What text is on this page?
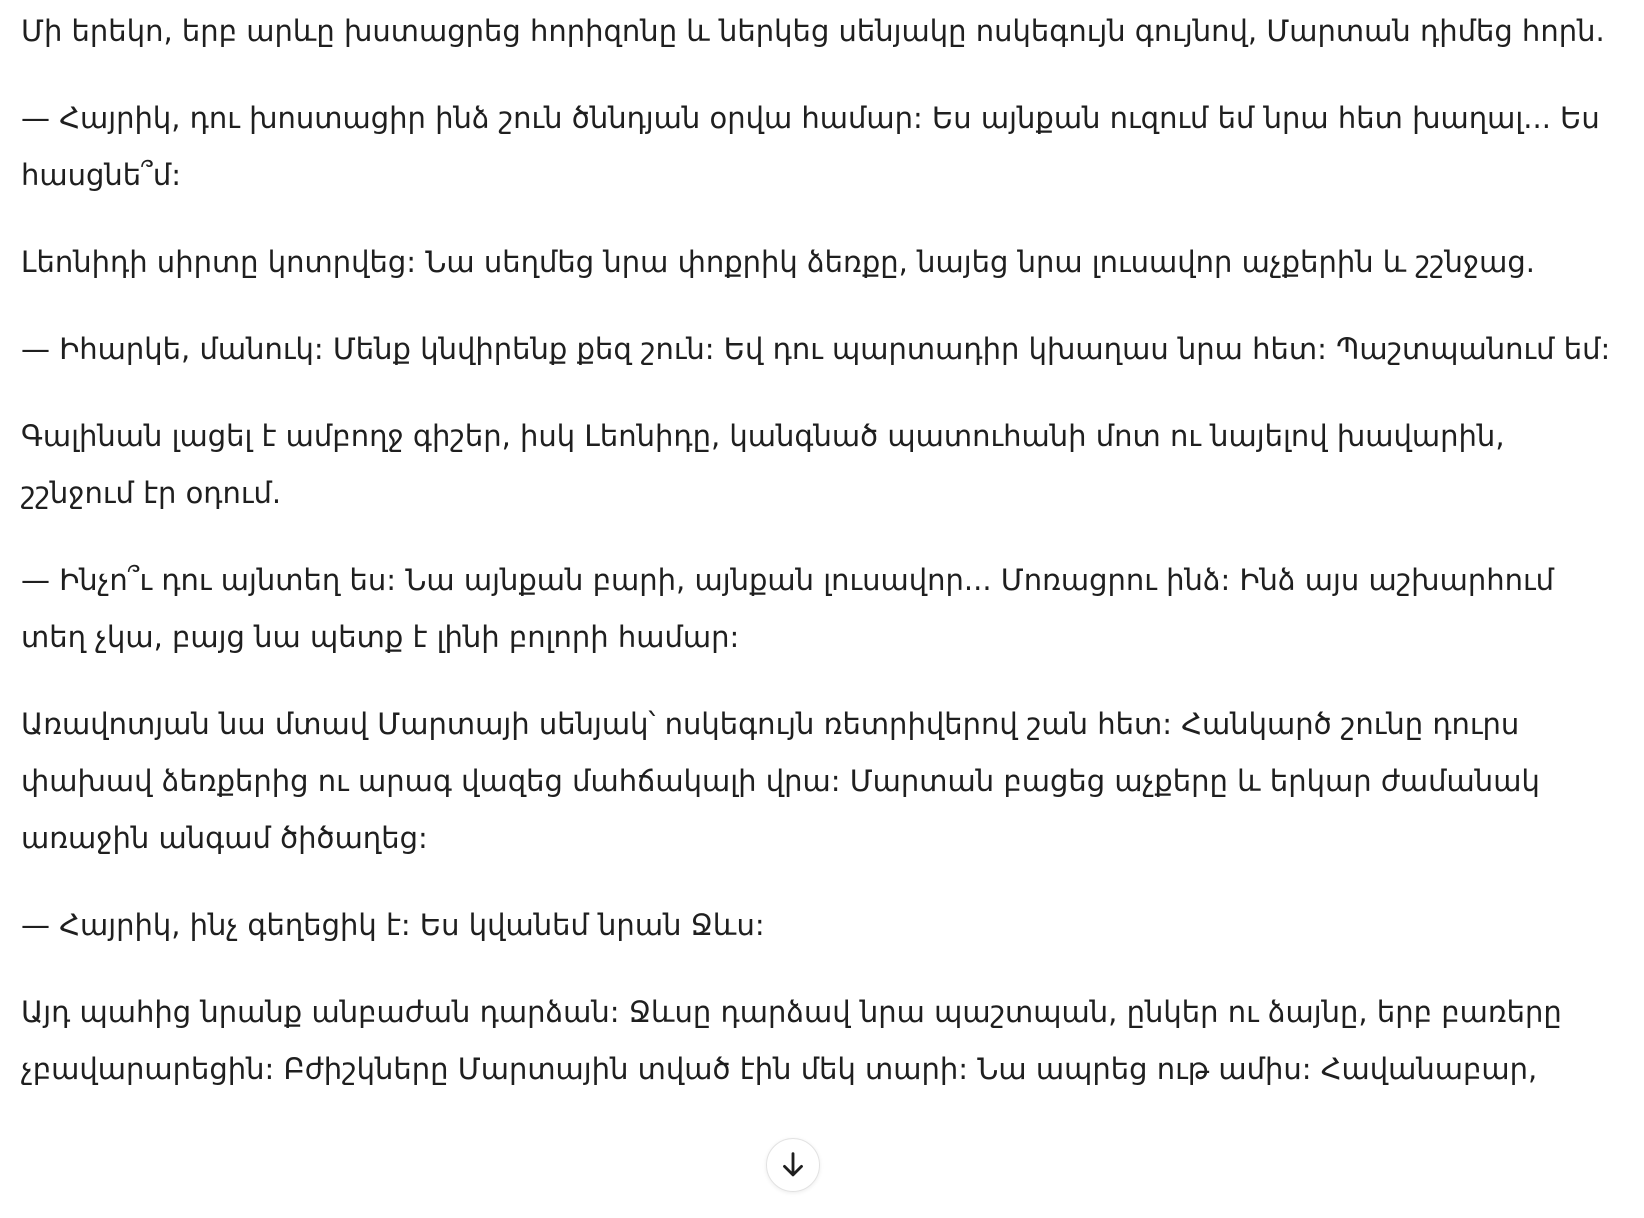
Մի երեկո, երբ արևը խստացրեց հորիզոնը և ներկեց սենյակը ոսկեգույն գույնով, Մարտան դիմեց հորն.

— Հայրիկ, դու խոստացիր ինձ շուն ծննդյան օրվա համար: Ես այնքան ուզում եմ նրա հետ խաղալ... Ես հասցնե՞մ:

Լեոնիդի սիրտը կոտրվեց: Նա սեղմեց նրա փոքրիկ ձեռքը, նայեց նրա լուսավոր աչքերին և շշնջաց.

— Իհարկե, մանուկ: Մենք կնվիրենք քեզ շուն: Եվ դու պարտադիր կխաղաս նրա հետ: Պաշտպանում եմ:

Գալինան լացել է ամբողջ գիշեր, իսկ Լեոնիդը, կանգնած պատուհանի մոտ ու նայելով խավարին, շշնջում էր օդում.

— Ինչո՞ւ դու այնտեղ ես: Նա այնքան բարի, այնքան լուսավոր... Մոռացրու ինձ: Ինձ այս աշխարհում տեղ չկա, բայց նա պետք է լինի բոլորի համար:

Առավոտյան նա մտավ Մարտայի սենյակ՝ ոսկեգույն ռետրիվերով շան հետ: Հանկարծ շունը դուրս փախավ ձեռքերից ու արագ վազեց մահճակալի վրա: Մարտան բացեց աչքերը և երկար ժամանակ առաջին անգամ ծիծաղեց:

— Հայրիկ, ինչ գեղեցիկ է: Ես կվանեմ նրան Ջևս:

Այդ պահից նրանք անբաժան դարձան: Ջևսը դարձավ նրա պաշտպան, ընկեր ու ձայնը, երբ բառերը չբավարարեցին: Բժիշկները Մարտային տված էին մեկ տարի: Նա ապրեց ութ ամիս: Հավանաբար,
